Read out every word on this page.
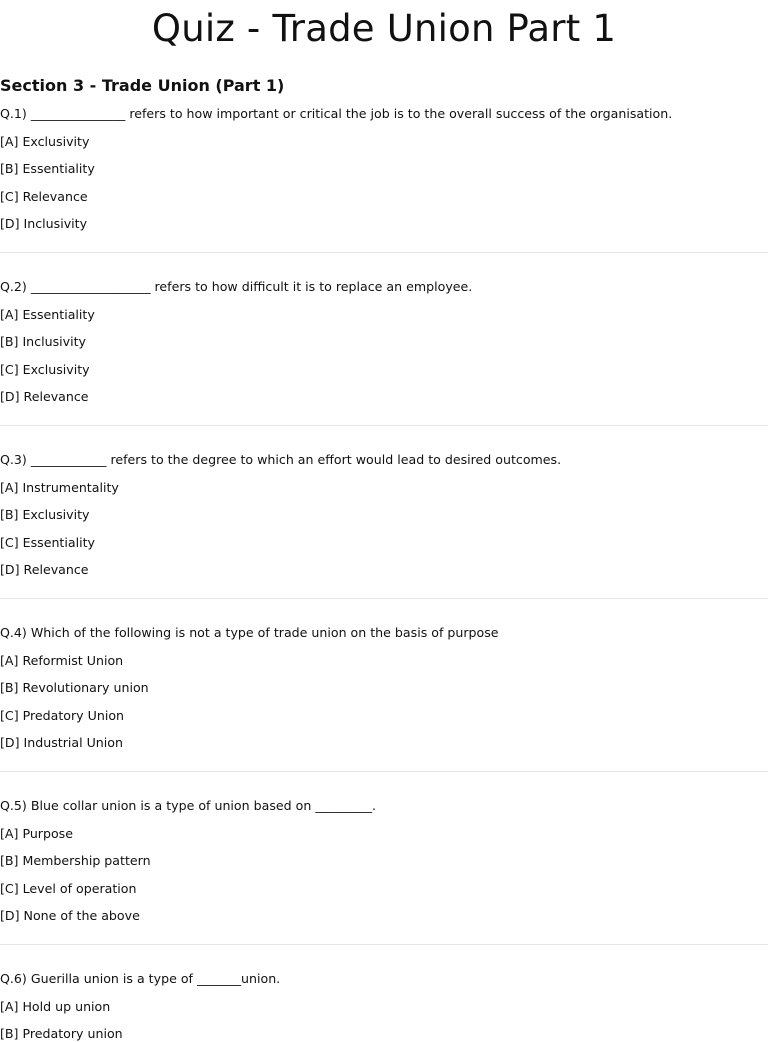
Quiz - Trade Union Part 1
Section 3 - Trade Union (Part 1)
Q.1) _______________ refers to how important or critical the job is to the overall success of the organisation.
[A] Exclusivity
[B] Essentiality
[C] Relevance
[D] Inclusivity
Q.2) ___________________ refers to how difficult it is to replace an employee.
[A] Essentiality
[B] Inclusivity
[C] Exclusivity
[D] Relevance
Q.3) ____________ refers to the degree to which an effort would lead to desired outcomes.
[A] Instrumentality
[B] Exclusivity
[C] Essentiality
[D] Relevance
Q.4) Which of the following is not a type of trade union on the basis of purpose
[A] Reformist Union
[B] Revolutionary union
[C] Predatory Union
[D] Industrial Union
Q.5) Blue collar union is a type of union based on _________.
[A] Purpose
[B] Membership pattern
[C] Level of operation
[D] None of the above
Q.6) Guerilla union is a type of _______union.
[A] Hold up union
[B] Predatory union
